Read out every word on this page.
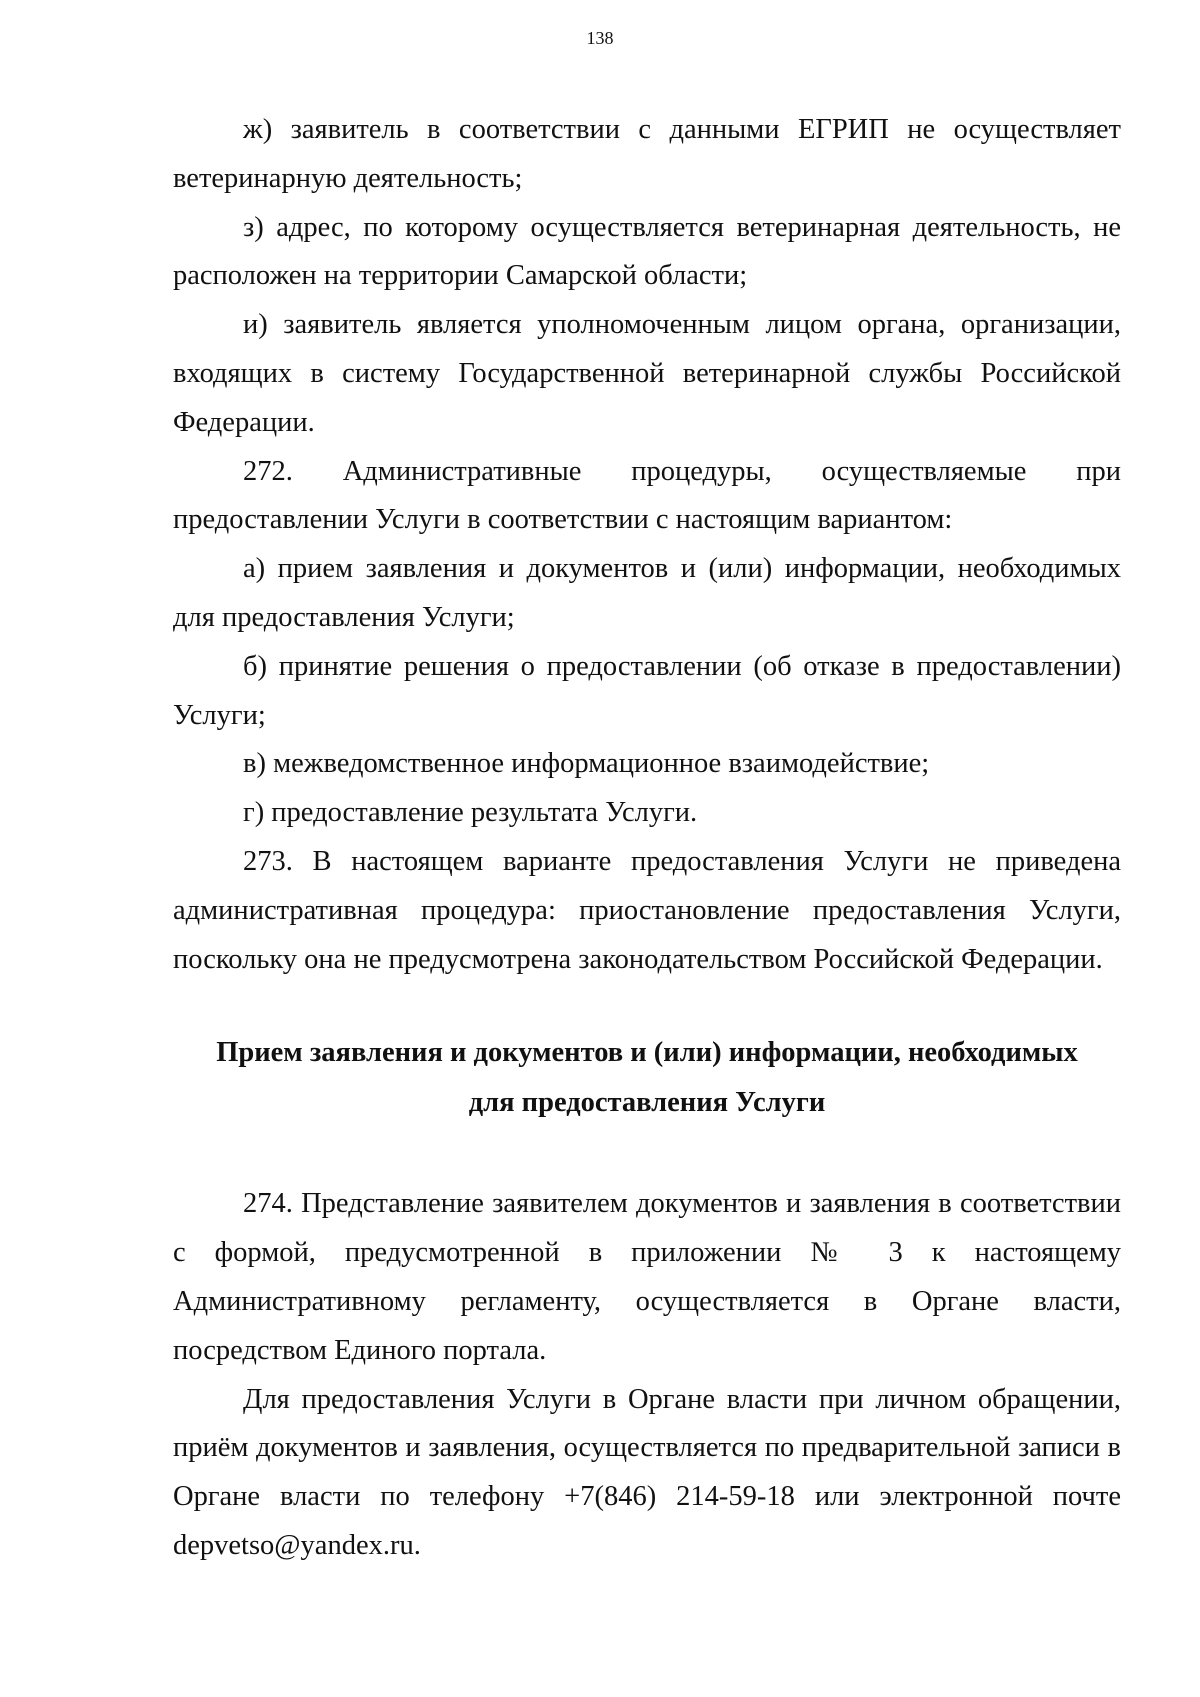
138

ж) заявитель в соответствии с данными ЕГРИП не осуществляет ветеринарную деятельность;

з) адрес, по которому осуществляется ветеринарная деятельность, не расположен на территории Самарской области;

и) заявитель является уполномоченным лицом органа, организации, входящих в систему Государственной ветеринарной службы Российской Федерации.

272. Административные процедуры, осуществляемые при предоставлении Услуги в соответствии с настоящим вариантом:

а) прием заявления и документов и (или) информации, необходимых для предоставления Услуги;

б) принятие решения о предоставлении (об отказе в предоставлении) Услуги;

в) межведомственное информационное взаимодействие;

г) предоставление результата Услуги.

273. В настоящем варианте предоставления Услуги не приведена административная процедура: приостановление предоставления Услуги, поскольку она не предусмотрена законодательством Российской Федерации.

Прием заявления и документов и (или) информации, необходимых
для предоставления Услуги

274. Представление заявителем документов и заявления в соответствии с формой, предусмотренной в приложении № 3 к настоящему Административному регламенту, осуществляется в Органе власти, посредством Единого портала.

Для предоставления Услуги в Органе власти при личном обращении, приём документов и заявления, осуществляется по предварительной записи в Органе власти по телефону +7(846) 214-59-18 или электронной почте depvetso@yandex.ru.
